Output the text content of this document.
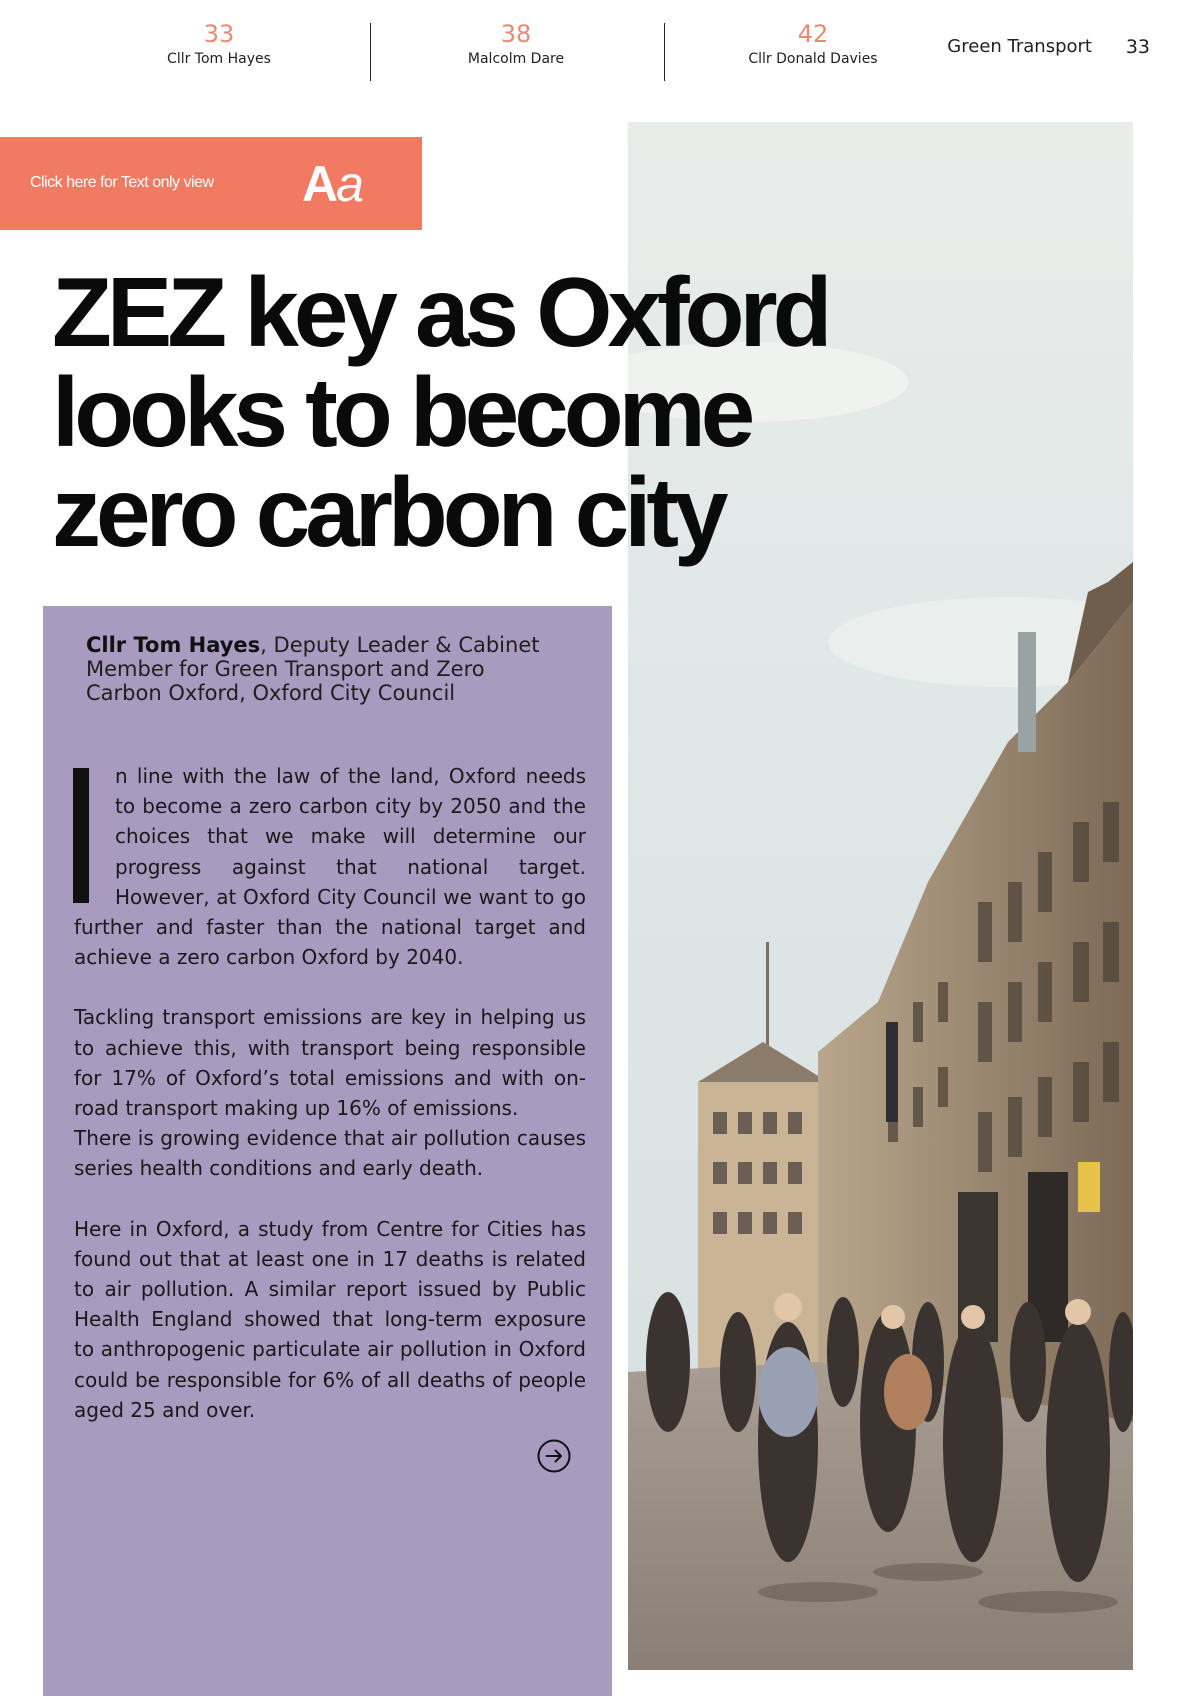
33
Cllr Tom Hayes
38
Malcolm Dare
42
Cllr Donald Davies
Green Transport 33
Click here for Text only view Aa
ZEZ key as Oxford
looks to become
zero carbon city
Cllr Tom Hayes, Deputy Leader & Cabinet Member for Green Transport and Zero Carbon Oxford, Oxford City Council

n line with the law of the land, Oxford needs to become a zero carbon city by 2050 and the choices that we make will determine our progress against that national target. However, at Oxford City Council we want to go further and faster than the national target and achieve a zero carbon Oxford by 2040.

Tackling transport emissions are key in helping us to achieve this, with transport being responsible for 17% of Oxford’s total emissions and with on-road transport making up 16% of emissions.

There is growing evidence that air pollution causes series health conditions and early death.

Here in Oxford, a study from Centre for Cities has found out that at least one in 17 deaths is related to air pollution. A similar report issued by Public Health England showed that long-term exposure to anthropogenic particulate air pollution in Oxford could be responsible for 6% of all deaths of people aged 25 and over.
